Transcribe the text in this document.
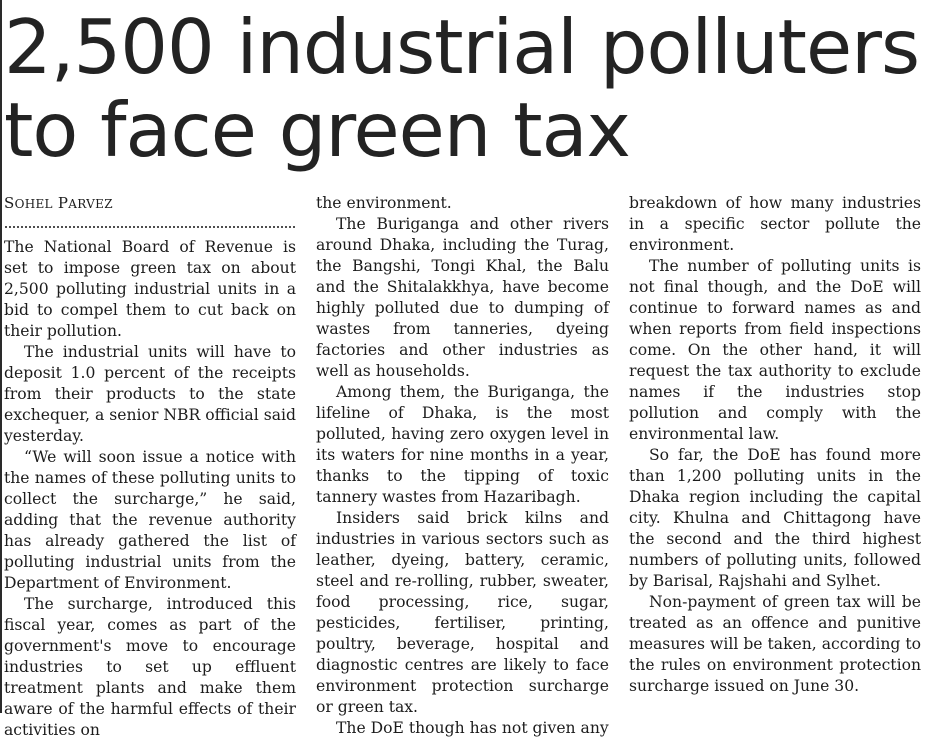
2,500 industrial polluters
to face green tax
SOHEL PARVEZ

The National Board of Revenue is set to impose green tax on about 2,500 polluting industrial units in a bid to compel them to cut back on their pollution.

The industrial units will have to deposit 1.0 percent of the receipts from their products to the state exchequer, a senior NBR official said yesterday.

“We will soon issue a notice with the names of these polluting units to collect the surcharge,” he said, adding that the revenue authority has already gathered the list of polluting industrial units from the Department of Environment.

The surcharge, introduced this fiscal year, comes as part of the government's move to encourage industries to set up effluent treatment plants and make them aware of the harmful effects of their activities on

the environment.

The Buriganga and other rivers around Dhaka, including the Turag, the Bangshi, Tongi Khal, the Balu and the Shitalakkhya, have become highly polluted due to dumping of wastes from tanneries, dyeing factories and other industries as well as households.

Among them, the Buriganga, the lifeline of Dhaka, is the most polluted, having zero oxygen level in its waters for nine months in a year, thanks to the tipping of toxic tannery wastes from Hazaribagh.

Insiders said brick kilns and industries in various sectors such as leather, dyeing, battery, ceramic, steel and re-rolling, rubber, sweater, food processing, rice, sugar, pesticides, fertiliser, printing, poultry, beverage, hospital and diagnostic centres are likely to face environment protection surcharge or green tax.

The DoE though has not given any

breakdown of how many industries in a specific sector pollute the environment.

The number of polluting units is not final though, and the DoE will continue to forward names as and when reports from field inspections come. On the other hand, it will request the tax authority to exclude names if the industries stop pollution and comply with the environmental law.

So far, the DoE has found more than 1,200 polluting units in the Dhaka region including the capital city. Khulna and Chittagong have the second and the third highest numbers of polluting units, followed by Barisal, Rajshahi and Sylhet.

Non-payment of green tax will be treated as an offence and punitive measures will be taken, according to the rules on environment protection surcharge issued on June 30.
